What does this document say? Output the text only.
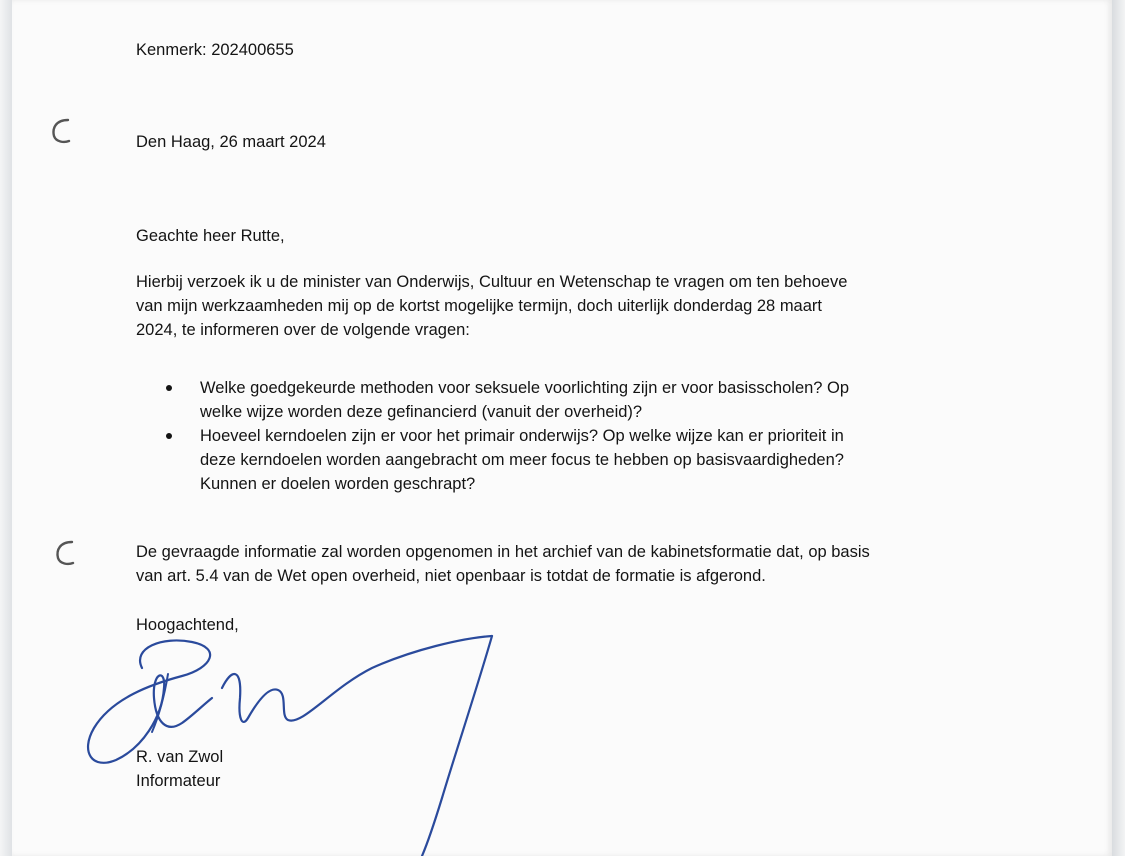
Kenmerk: 202400655
Den Haag, 26 maart 2024
Geachte heer Rutte,
Hierbij verzoek ik u de minister van Onderwijs, Cultuur en Wetenschap te vragen om ten behoeve
van mijn werkzaamheden mij op de kortst mogelijke termijn, doch uiterlijk donderdag 28 maart
2024, te informeren over de volgende vragen:
Welke goedgekeurde methoden voor seksuele voorlichting zijn er voor basisscholen? Op
welke wijze worden deze gefinancierd (vanuit der overheid)?
Hoeveel kerndoelen zijn er voor het primair onderwijs? Op welke wijze kan er prioriteit in
deze kerndoelen worden aangebracht om meer focus te hebben op basisvaardigheden?
Kunnen er doelen worden geschrapt?
De gevraagde informatie zal worden opgenomen in het archief van de kabinetsformatie dat, op basis
van art. 5.4 van de Wet open overheid, niet openbaar is totdat de formatie is afgerond.
Hoogachtend,
R. van Zwol
Informateur
